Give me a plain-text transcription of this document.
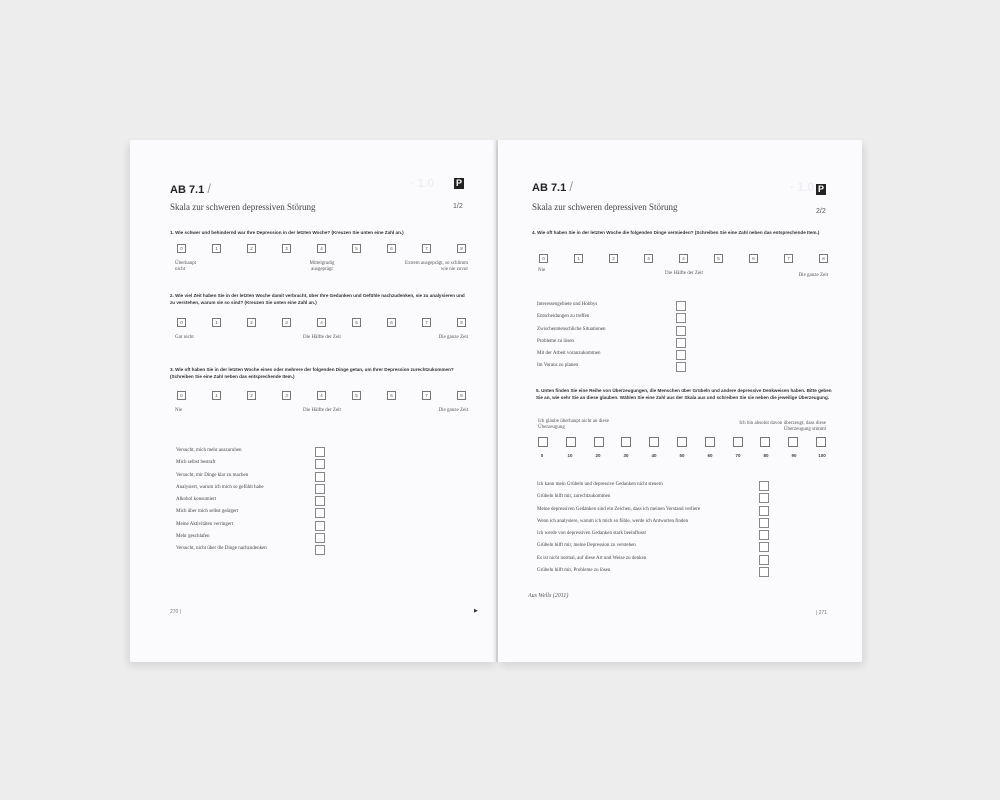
· 1.0
AB 7.1 /	P
Skala zur schweren depressiven Störung	1/2
1. Wie schwer und behindernd war Ihre Depression in der letzten Woche? (Kreuzen Sie unten eine Zahl an.)
0	1	2	3	4	5	6	7	8
Überhaupt nicht
Mittelgradig ausgeprägt
Extrem ausgeprägt, so schlimm wie nie zuvor
2. Wie viel Zeit haben Sie in der letzten Woche damit verbracht, über Ihre Gedanken und Gefühle nachzudenken, sie zu analysieren und zu verstehen, warum sie so sind? (Kreuzen Sie unten eine Zahl an.)
0	1	2	3	4	5	6	7	8
Gar nicht	Die Hälfte der Zeit	Die ganze Zeit
3. Wie oft haben Sie in der letzten Woche eines oder mehrere der folgenden Dinge getan, um Ihrer Depression zurechtzukommen? (Schreiben Sie eine Zahl neben das entsprechende Item.)
0	1	2	3	4	5	6	7	8
Nie	Die Hälfte der Zeit	Die ganze Zeit
Versucht, mich mehr auszuruhen
Mich selbst bestraft
Versucht, mir Dinge klar zu machen
Analysiert, warum ich mich so gefühlt habe
Alkohol konsumiert
Mich über mich selbst geärgert
Meine Aktivitäten verringert
Mehr geschlafen
Versucht, nicht über die Dinge nachzudenken
270 |	▶
· 1.0
AB 7.1 /	P
Skala zur schweren depressiven Störung	2/2
4. Wie oft haben Sie in der letzten Woche die folgenden Dinge vermieden? (Schreiben Sie eine Zahl neben das entsprechende Item.)
0	1	2	3	4	5	6	7	8
Nie
Die Hälfte der Zeit	Die ganze Zeit
Interessengebiete und Hobbys
Entscheidungen zu treffen
Zwischenmenschliche Situationen
Probleme zu lösen
Mit der Arbeit voranzukommen
Im Voraus zu planen
5. Unten finden Sie eine Reihe von Überzeugungen, die Menschen über Grübeln und andere depressive Denkweisen haben. Bitte geben Sie an, wie sehr Sie an diese glauben. Wählen Sie eine Zahl aus der Skala aus und schreiben Sie sie neben die jeweilige Überzeugung.
Ich glaube überhaupt nicht an diese Überzeugung
Ich bin absolut davon überzeugt, dass diese Überzeugung stimmt
0	10	20	30	40	50	60	70	80	90	100
Ich kann mein Grübeln und depressive Gedanken nicht steuern
Grübeln hilft mir, zurechtzukommen
Meine depressiven Gedanken sind ein Zeichen, dass ich meinen Verstand verliere
Wenn ich analysiere, warum ich mich so fühle, werde ich Antworten finden
Ich werde von depressiven Gedanken stark beeinflusst
Grübeln hilft mir, meine Depression zu verstehen
Es ist nicht normal, auf diese Art und Weise zu denken
Grübeln hilft mir, Probleme zu lösen
Aus Wells (2011)
| 271
